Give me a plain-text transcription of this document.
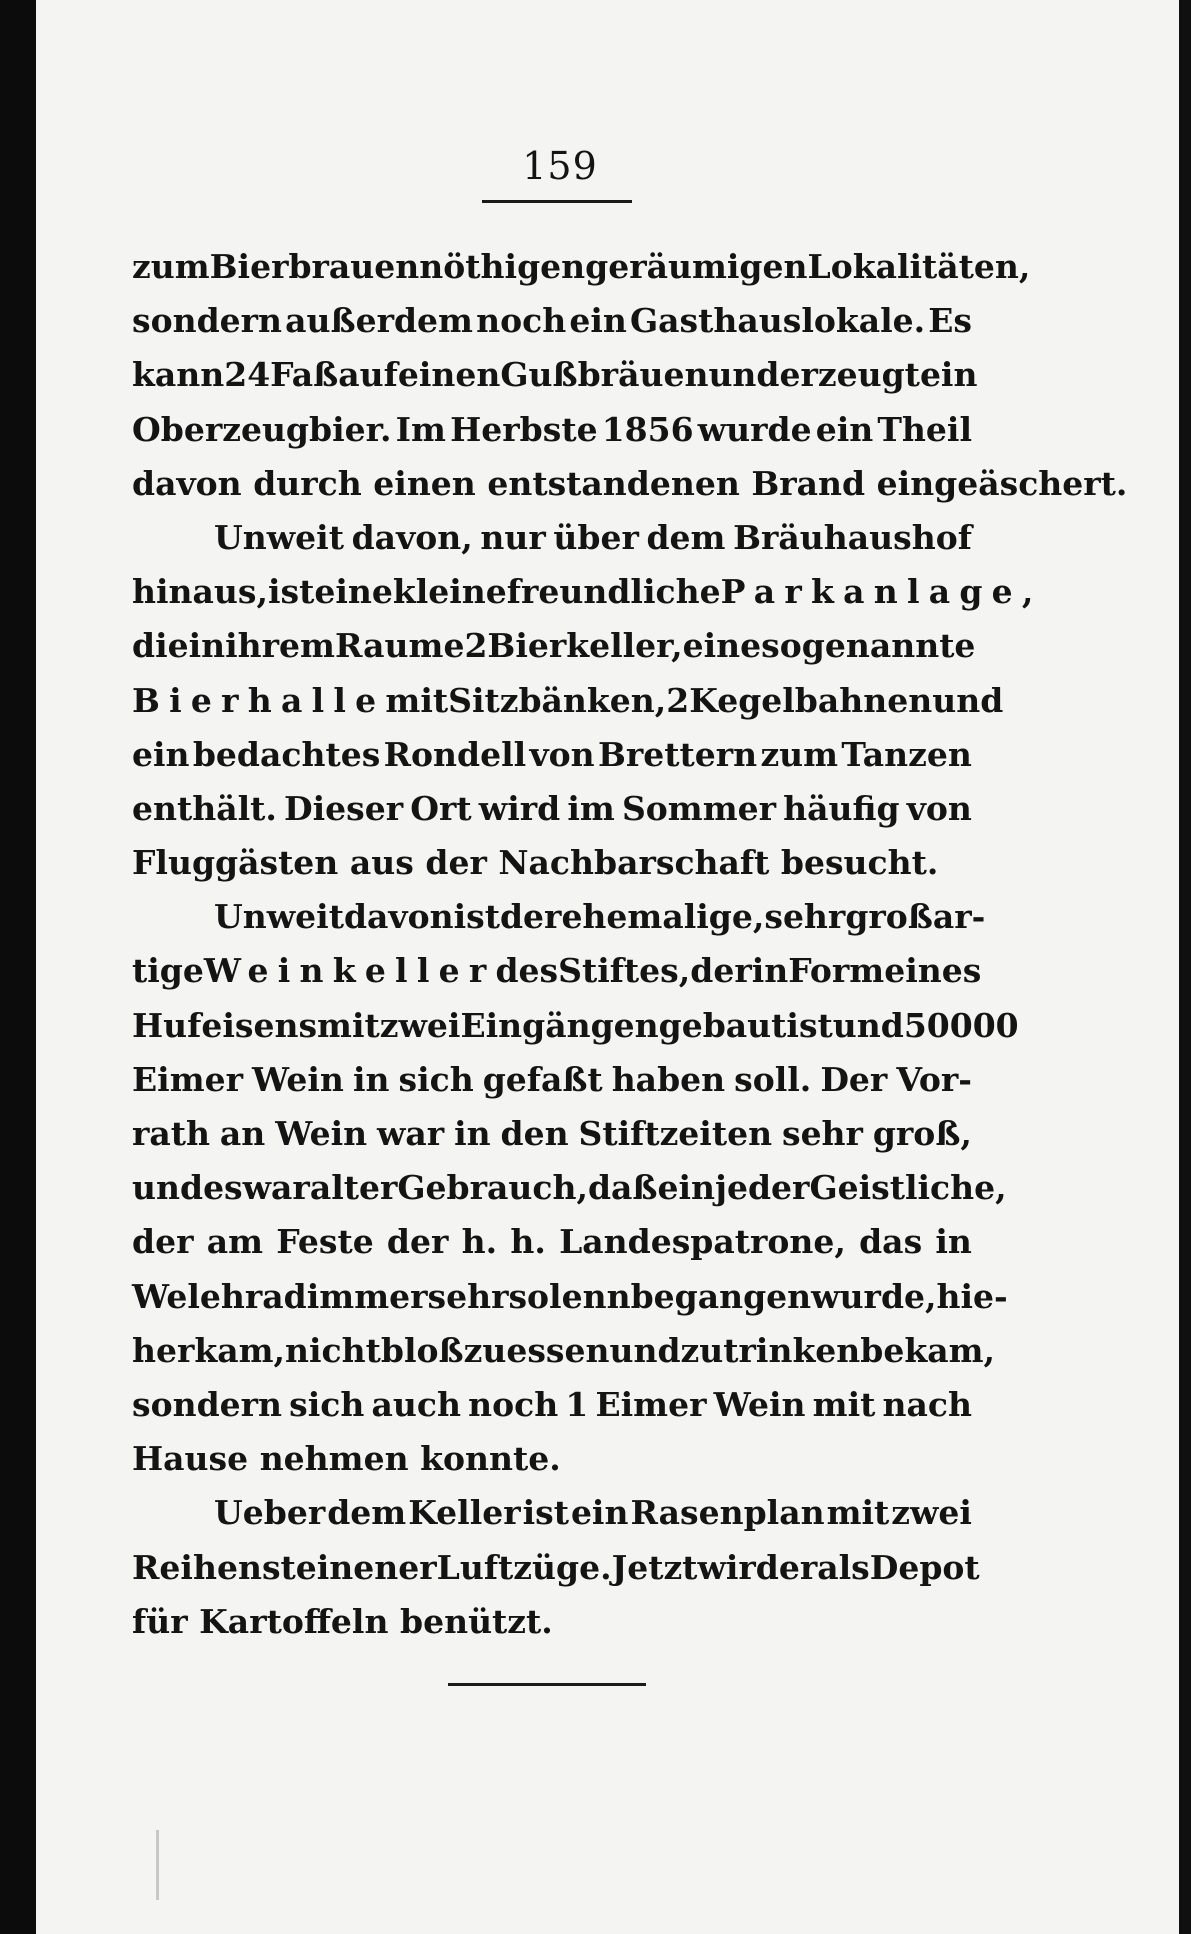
159
zum Bierbrauen nöthigen geräumigen Lokalitäten,
sondern außerdem noch ein Gasthauslokale. Es
kann 24 Faß auf einen Guß bräuen und erzeugt ein
Oberzeugbier. Im Herbste 1856 wurde ein Theil
davon durch einen entstandenen Brand eingeäschert.
Unweit davon, nur über dem Bräuhaushof
hinaus, ist eine kleine freundliche Parkanlage,
die in ihrem Raume 2 Bierkeller, eine sogenannte
Bierhalle mit Sitzbänken, 2 Kegelbahnen und
ein bedachtes Rondell von Brettern zum Tanzen
enthält. Dieser Ort wird im Sommer häufig von
Fluggästen aus der Nachbarschaft besucht.
Unweit davon ist der ehemalige, sehr großar-
tige Weinkeller des Stiftes, der in Form eines
Hufeisens mit zwei Eingängen gebaut ist und 50000
Eimer Wein in sich gefaßt haben soll. Der Vor-
rath an Wein war in den Stiftzeiten sehr groß,
und es war alter Gebrauch, daß ein jeder Geistliche,
der am Feste der h. h. Landespatrone, das in
Welehrad immer sehr solenn begangen wurde, hie-
her kam, nicht bloß zu essen und zu trinken bekam,
sondern sich auch noch 1 Eimer Wein mit nach
Hause nehmen konnte.
Ueber dem Keller ist ein Rasenplan mit zwei
Reihen steinener Luftzüge. Jetzt wird er als Depot
für Kartoffeln benützt.
